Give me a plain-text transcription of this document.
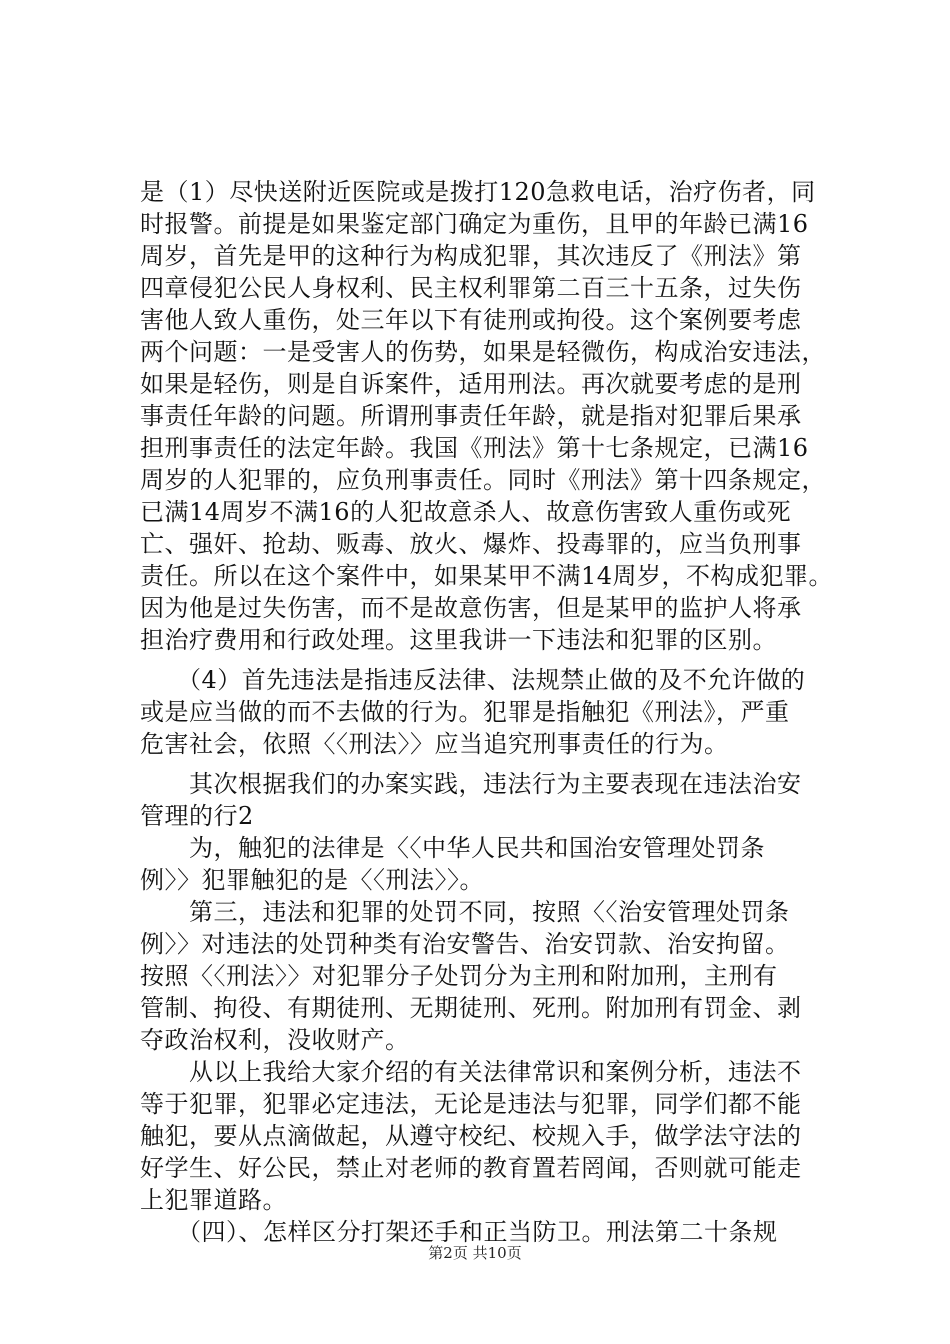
是（1）尽快送附近医院或是拨打120急救电话，治疗伤者，同
时报警。前提是如果鉴定部门确定为重伤，且甲的年龄已满16
周岁，首先是甲的这种行为构成犯罪，其次违反了《刑法》第
四章侵犯公民人身权利、民主权利罪第二百三十五条，过失伤
害他人致人重伤，处三年以下有徒刑或拘役。这个案例要考虑
两个问题：一是受害人的伤势，如果是轻微伤，构成治安违法，
如果是轻伤，则是自诉案件，适用刑法。再次就要考虑的是刑
事责任年龄的问题。所谓刑事责任年龄，就是指对犯罪后果承
担刑事责任的法定年龄。我国《刑法》第十七条规定，已满16
周岁的人犯罪的，应负刑事责任。同时《刑法》第十四条规定，
已满14周岁不满16的人犯故意杀人、故意伤害致人重伤或死
亡、强奸、抢劫、贩毒、放火、爆炸、投毒罪的，应当负刑事
责任。所以在这个案件中，如果某甲不满14周岁，不构成犯罪。
因为他是过失伤害，而不是故意伤害，但是某甲的监护人将承
担治疗费用和行政处理。这里我讲一下违法和犯罪的区别。
　　（4）首先违法是指违反法律、法规禁止做的及不允许做的
或是应当做的而不去做的行为。犯罪是指触犯《刑法》，严重
危害社会，依照〈〈刑法〉〉应当追究刑事责任的行为。
　　其次根据我们的办案实践，违法行为主要表现在违法治安
管理的行2
　　为，触犯的法律是〈〈中华人民共和国治安管理处罚条
例〉〉犯罪触犯的是〈〈刑法〉〉。
　　第三，违法和犯罪的处罚不同，按照〈〈治安管理处罚条
例〉〉对违法的处罚种类有治安警告、治安罚款、治安拘留。
按照〈〈刑法〉〉对犯罪分子处罚分为主刑和附加刑，主刑有
管制、拘役、有期徒刑、无期徒刑、死刑。附加刑有罚金、剥
夺政治权利，没收财产。
　　从以上我给大家介绍的有关法律常识和案例分析，违法不
等于犯罪，犯罪必定违法，无论是违法与犯罪，同学们都不能
触犯，要从点滴做起，从遵守校纪、校规入手，做学法守法的
好学生、好公民，禁止对老师的教育置若罔闻，否则就可能走
上犯罪道路。
　　（四）、怎样区分打架还手和正当防卫。刑法第二十条规
第2页 共10页
